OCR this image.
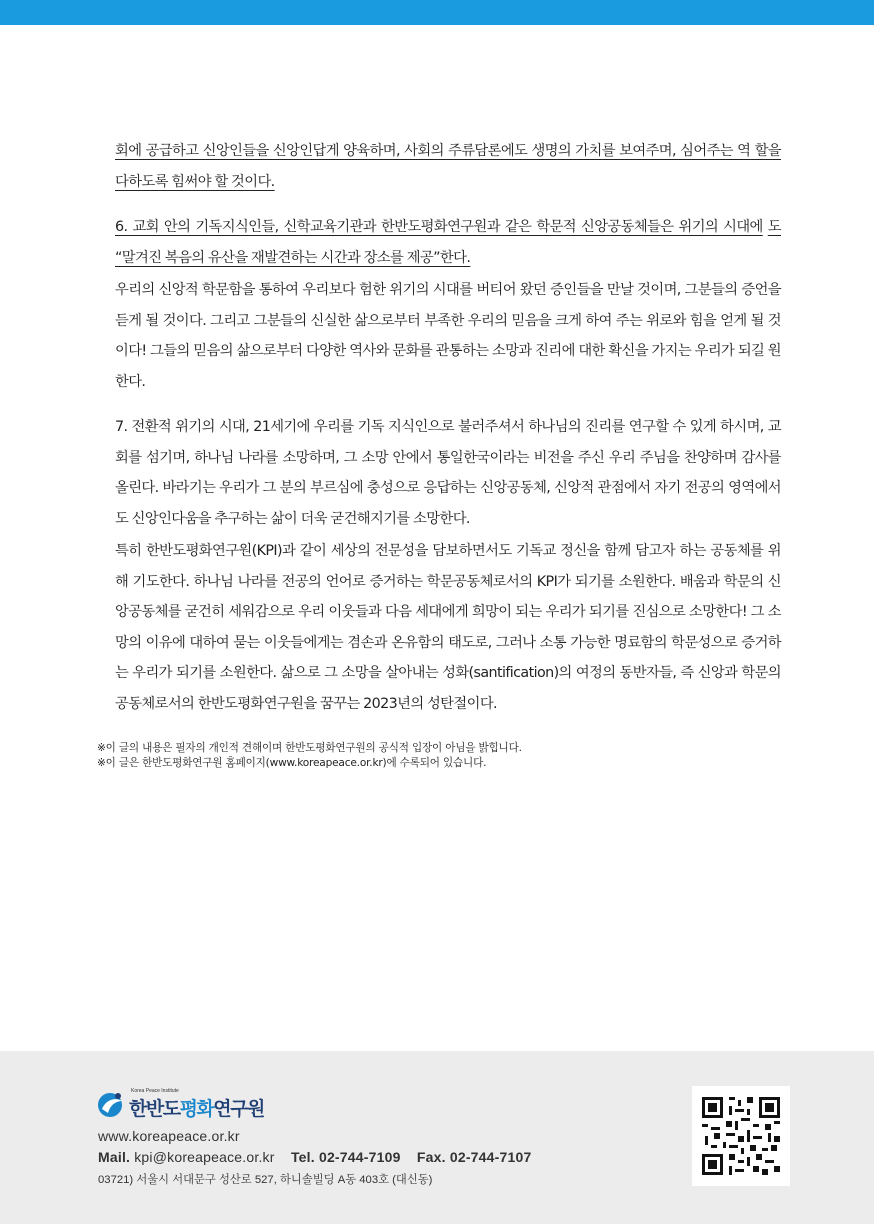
회에 공급하고 신앙인들을 신앙인답게 양육하며, 사회의 주류담론에도 생명의 가치를 보여주며, 심어주는 역 할을 다하도록 힘써야 할 것이다.

6. 교회 안의 기독지식인들, 신학교육기관과 한반도평화연구원과 같은 학문적 신앙공동체들은 위기의 시대에 도 “말겨진 복음의 유산을 재발견하는 시간과 장소를 제공”한다.

우리의 신앙적 학문함을 통하여 우리보다 험한 위기의 시대를 버티어 왔던 증인들을 만날 것이며, 그분들의 증언을 듣게 될 것이다. 그리고 그분들의 신실한 삶으로부터 부족한 우리의 믿음을 크게 하여 주는 위로와 힘을 얻게 될 것이다! 그들의 믿음의 삶으로부터 다양한 역사와 문화를 관통하는 소망과 진리에 대한 확신을 가지는 우리가 되길 원한다.

7. 전환적 위기의 시대, 21세기에 우리를 기독 지식인으로 불러주셔서 하나님의 진리를 연구할 수 있게 하시며, 교회를 섬기며, 하나님 나라를 소망하며, 그 소망 안에서 통일한국이라는 비전을 주신 우리 주님을 찬양하며 감사를 올린다. 바라기는 우리가 그 분의 부르심에 충성으로 응답하는 신앙공동체, 신앙적 관점에서 자기 전공의 영역에서도 신앙인다움을 추구하는 삶이 더욱 굳건해지기를 소망한다.

특히 한반도평화연구원(KPI)과 같이 세상의 전문성을 담보하면서도 기독교 정신을 함께 담고자 하는 공동체를 위해 기도한다. 하나님 나라를 전공의 언어로 증거하는 학문공동체로서의 KPI가 되기를 소원한다. 배움과 학문의 신앙공동체를 굳건히 세워감으로 우리 이웃들과 다음 세대에게 희망이 되는 우리가 되기를 진심으로 소망한다! 그 소망의 이유에 대하여 묻는 이웃들에게는 겸손과 온유함의 태도로, 그러나 소통 가능한 명료함의 학문성으로 증거하는 우리가 되기를 소원한다. 삶으로 그 소망을 살아내는 성화(santification)의 여정의 동반자들, 즉 신앙과 학문의 공동체로서의 한반도평화연구원을 꿈꾸는 2023년의 성탄절이다.

※이 글의 내용은 필자의 개인적 견해이며 한반도평화연구원의 공식적 입장이 아님을 밝힙니다.

※이 글은 한반도평화연구원 홈페이지(www.koreapeace.or.kr)에 수록되어 있습니다.

Korea Peace Institute
한반도평화연구원
www.koreapeace.or.kr
Mail. kpi@koreapeace.or.kr Tel. 02-744-7109 Fax. 02-744-7107
03721) 서울시 서대문구 성산로 527, 하니솔빌딩 A동 403호 (대신동)
